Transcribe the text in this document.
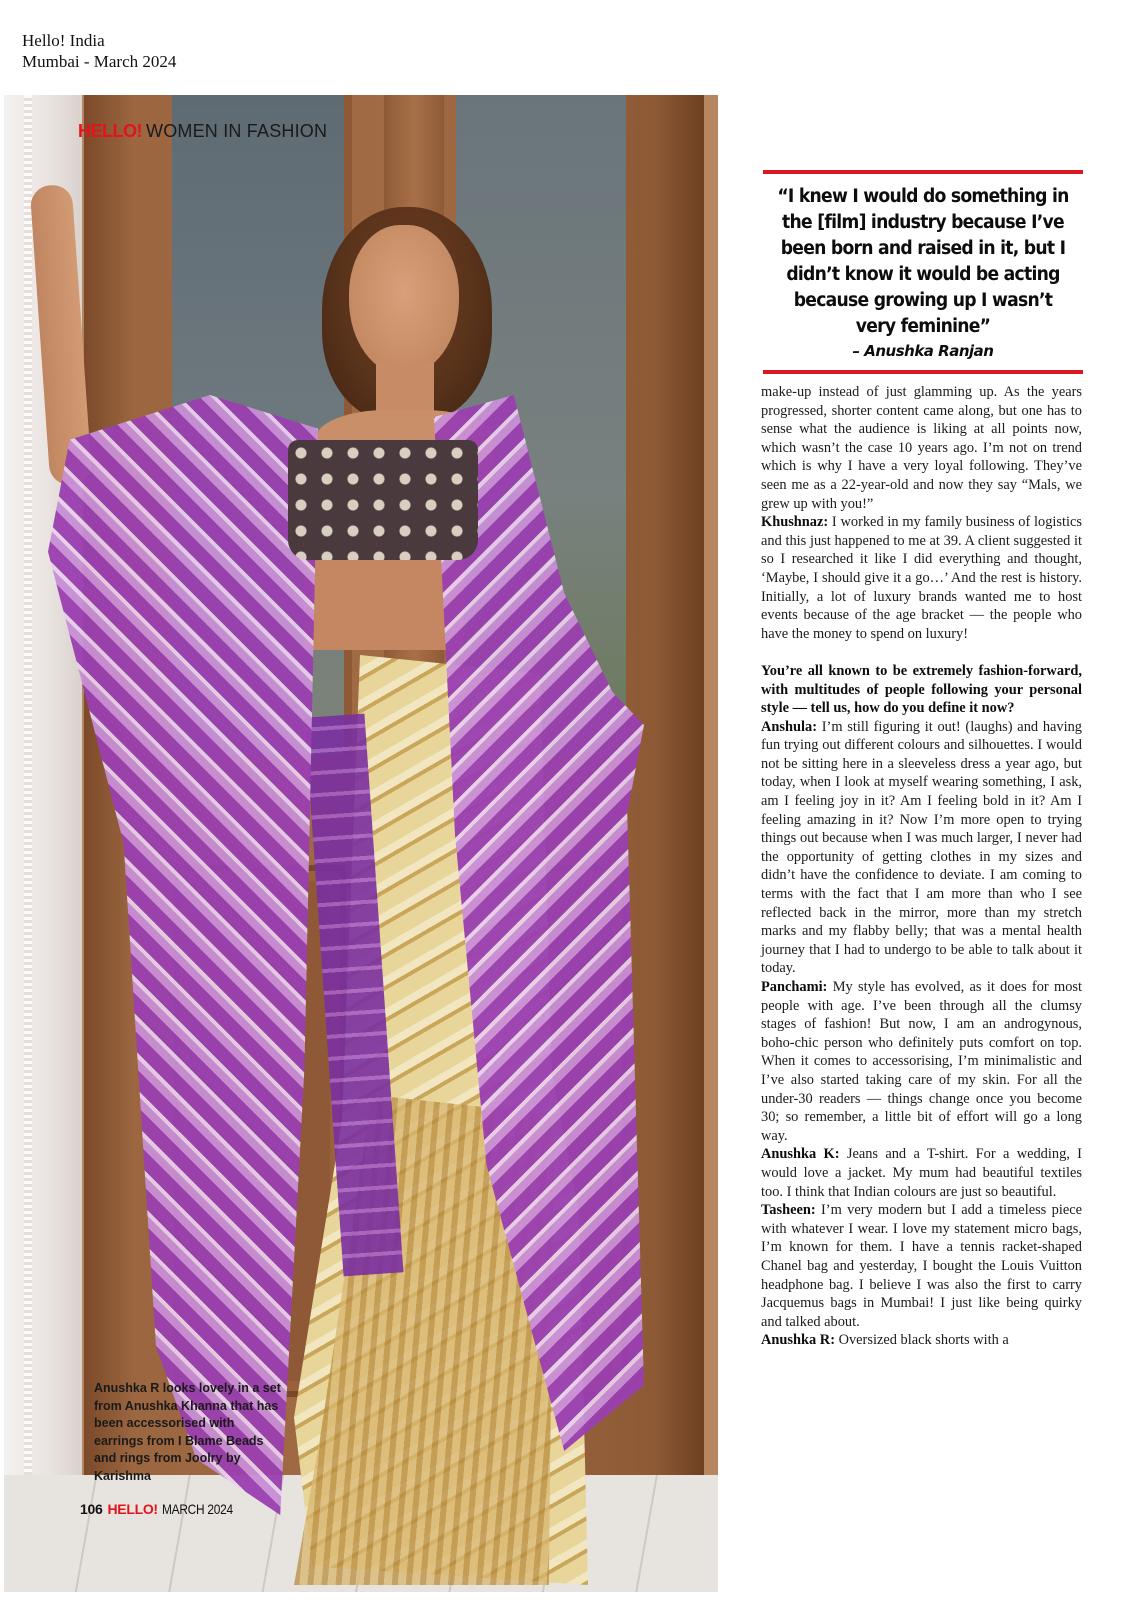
Hello! India
Mumbai - March 2024
HELLO! WOMEN IN FASHION
Anushka R looks lovely in a set from Anushka Khanna that has been accessorised with earrings from I Blame Beads and rings from Joolry by Karishma
106 HELLO! MARCH 2024
“I knew I would do something in the [film] industry because I’ve been born and raised in it, but I didn’t know it would be acting because growing up I wasn’t very feminine”
– Anushka Ranjan

make-up instead of just glamming up. As the years progressed, shorter content came along, but one has to sense what the audience is liking at all points now, which wasn’t the case 10 years ago. I’m not on trend which is why I have a very loyal following. They’ve seen me as a 22-year-old and now they say “Mals, we grew up with you!”

Khushnaz: I worked in my family business of logistics and this just happened to me at 39. A client suggested it so I researched it like I did everything and thought, ‘Maybe, I should give it a go…’ And the rest is history. Initially, a lot of luxury brands wanted me to host events because of the age bracket — the people who have the money to spend on luxury!

You’re all known to be extremely fashion-forward, with multitudes of people following your personal style — tell us, how do you define it now?

Anshula: I’m still figuring it out! (laughs) and having fun trying out different colours and silhouettes. I would not be sitting here in a sleeveless dress a year ago, but today, when I look at myself wearing something, I ask, am I feeling joy in it? Am I feeling bold in it? Am I feeling amazing in it? Now I’m more open to trying things out because when I was much larger, I never had the opportunity of getting clothes in my sizes and didn’t have the confidence to deviate. I am coming to terms with the fact that I am more than who I see reflected back in the mirror, more than my stretch marks and my flabby belly; that was a mental health journey that I had to undergo to be able to talk about it today.

Panchami: My style has evolved, as it does for most people with age. I’ve been through all the clumsy stages of fashion! But now, I am an androgynous, boho-chic person who definitely puts comfort on top. When it comes to accessorising, I’m minimalistic and I’ve also started taking care of my skin. For all the under-30 readers — things change once you become 30; so remember, a little bit of effort will go a long way.

Anushka K: Jeans and a T-shirt. For a wedding, I would love a jacket. My mum had beautiful textiles too. I think that Indian colours are just so beautiful.

Tasheen: I’m very modern but I add a timeless piece with whatever I wear. I love my statement micro bags, I’m known for them. I have a tennis racket-shaped Chanel bag and yesterday, I bought the Louis Vuitton headphone bag. I believe I was also the first to carry Jacquemus bags in Mumbai! I just like being quirky and talked about.

Anushka R: Oversized black shorts with a
